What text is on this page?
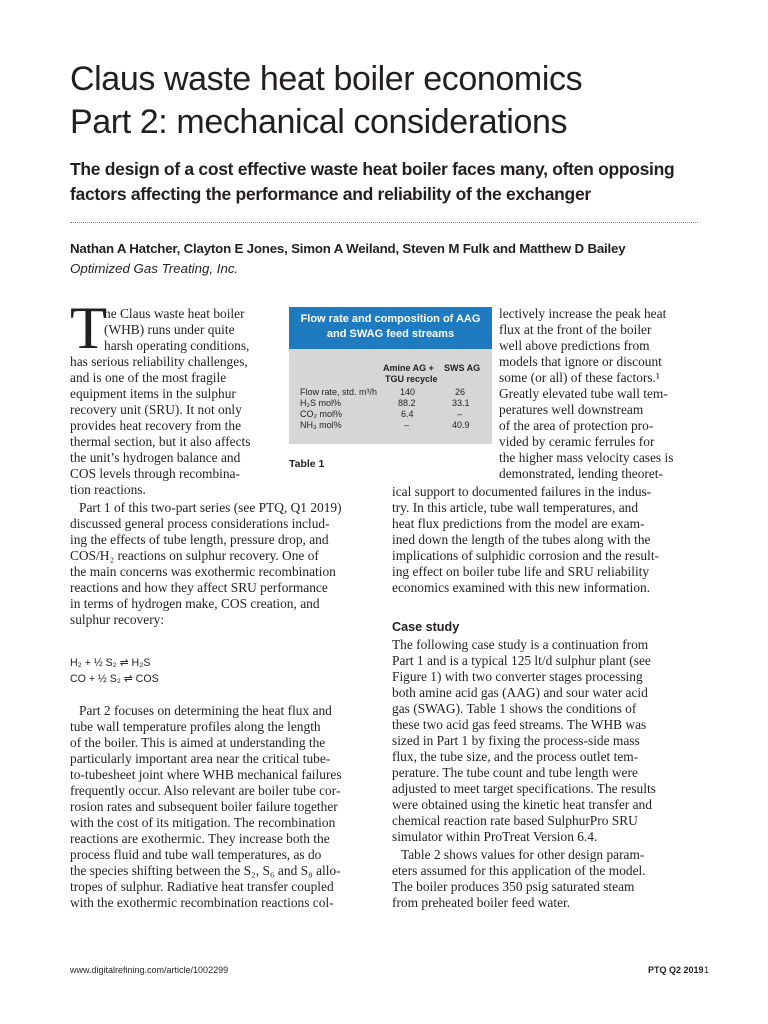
Claus waste heat boiler economics
Part 2: mechanical considerations
The design of a cost effective waste heat boiler faces many, often opposing
factors affecting the performance and reliability of the exchanger
Nathan A Hatcher, Clayton E Jones, Simon A Weiland, Steven M Fulk and Matthew D Bailey
Optimized Gas Treating, Inc.
T
he Claus waste heat boiler
(WHB) runs under quite
harsh operating conditions,
has serious reliability challenges,
and is one of the most fragile
equipment items in the sulphur
recovery unit (SRU). It not only
provides heat recovery from the
thermal section, but it also affects
the unit’s hydrogen balance and
COS levels through recombina-
tion reactions.
Part 1 of this two-part series (see PTQ, Q1 2019)
discussed general process considerations includ-
ing the effects of tube length, pressure drop, and
COS/H₂ reactions on sulphur recovery. One of
the main concerns was exothermic recombination
reactions and how they affect SRU performance
in terms of hydrogen make, COS creation, and
sulphur recovery:
H₂ + ½ S₂ ⇌ H₂S
CO + ½ S₂ ⇌ COS
Part 2 focuses on determining the heat flux and
tube wall temperature profiles along the length
of the boiler. This is aimed at understanding the
particularly important area near the critical tube-
to-tubesheet joint where WHB mechanical failures
frequently occur. Also relevant are boiler tube cor-
rosion rates and subsequent boiler failure together
with the cost of its mitigation. The recombination
reactions are exothermic. They increase both the
process fluid and tube wall temperatures, as do
the species shifting between the S₂, S₆ and S₈ allo-
tropes of sulphur. Radiative heat transfer coupled
with the exothermic recombination reactions col-
Flow rate and composition of AAG
and SWAG feed streams
Amine AG +
TGU recycle
SWS AG
Flow rate, std. m³/h	140	26
H₂S mol%	88.2	33.1
CO₂ mol%	6.4	–
NH₃ mol%	–	40.9
Table 1
lectively increase the peak heat
flux at the front of the boiler
well above predictions from
models that ignore or discount
some (or all) of these factors.¹
Greatly elevated tube wall tem-
peratures well downstream
of the area of protection pro-
vided by ceramic ferrules for
the higher mass velocity cases is
demonstrated, lending theoret-
ical support to documented failures in the indus-
try. In this article, tube wall temperatures, and
heat flux predictions from the model are exam-
ined down the length of the tubes along with the
implications of sulphidic corrosion and the result-
ing effect on boiler tube life and SRU reliability
economics examined with this new information.
Case study
The following case study is a continuation from
Part 1 and is a typical 125 lt/d sulphur plant (see
Figure 1) with two converter stages processing
both amine acid gas (AAG) and sour water acid
gas (SWAG). Table 1 shows the conditions of
these two acid gas feed streams. The WHB was
sized in Part 1 by fixing the process-side mass
flux, the tube size, and the process outlet tem-
perature. The tube count and tube length were
adjusted to meet target specifications. The results
were obtained using the kinetic heat transfer and
chemical reaction rate based SulphurPro SRU
simulator within ProTreat Version 6.4.
Table 2 shows values for other design param-
eters assumed for this application of the model.
The boiler produces 350 psig saturated steam
from preheated boiler feed water.
www.digitalrefining.com/article/1002299	PTQ Q2 2019 1
